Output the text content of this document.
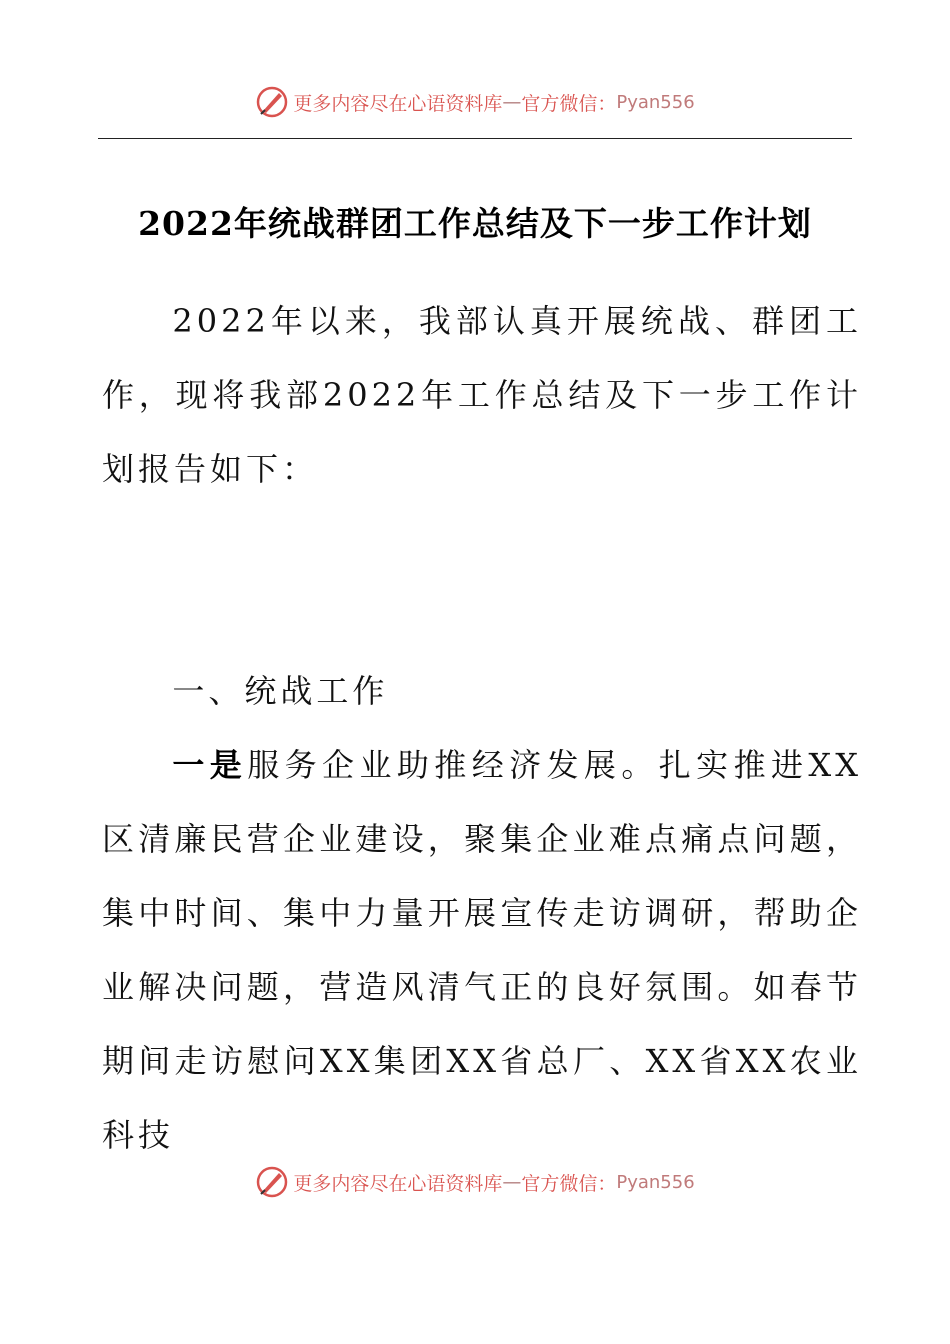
更多内容尽在心语资料库 — 官方微信： Pyan556
2022年统战群团工作总结及下一步工作计划

2022年以来，我部认真开展统战、群团工作，现将我部2022年工作总结及下一步工作计划报告如下：

一、统战工作

一是服务企业助推经济发展。扎实推进XX区清廉民营企业建设，聚集企业难点痛点问题，集中时间、集中力量开展宣传走访调研，帮助企业解决问题，营造风清气正的良好氛围。如春节期间走访慰问XX集团XX省总厂、XX省XX农业科技

更多内容尽在心语资料库 — 官方微信： Pyan556
